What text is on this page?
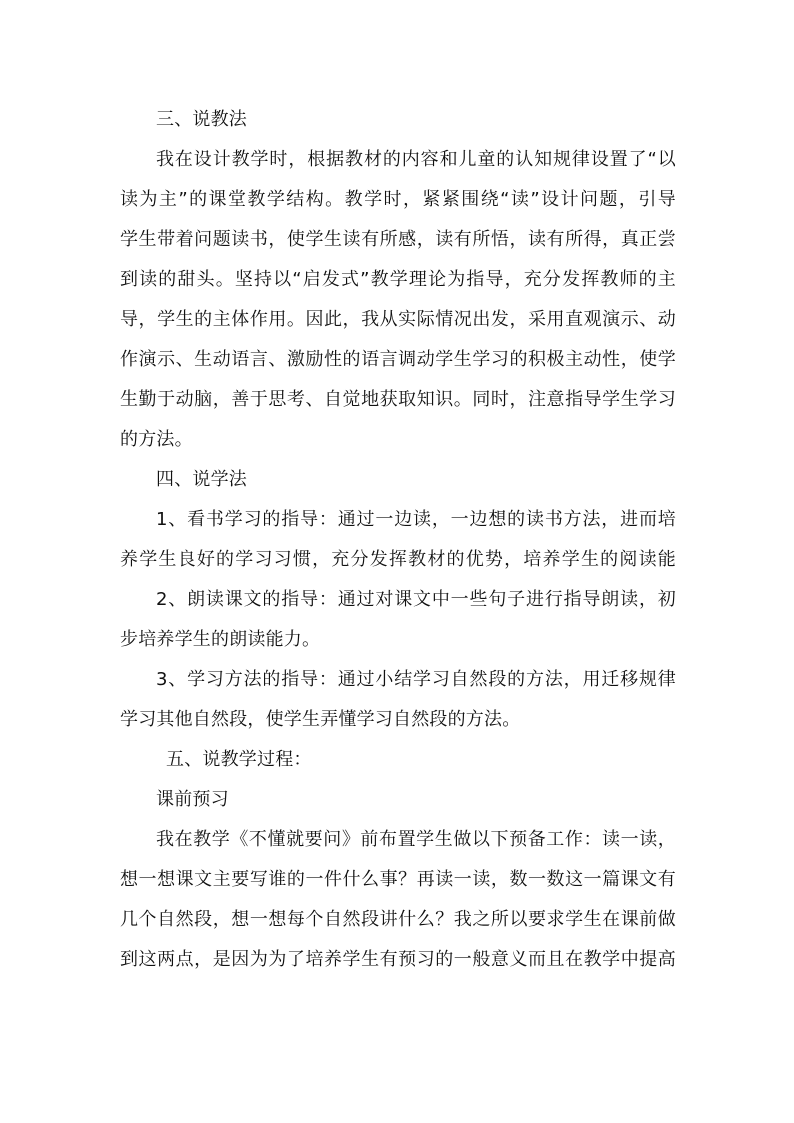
三、说教法
我在设计教学时，根据教材的内容和儿童的认知规律设置了“以
读为主”的课堂教学结构。教学时，紧紧围绕“读”设计问题，引导
学生带着问题读书，使学生读有所感，读有所悟，读有所得，真正尝
到读的甜头。坚持以“启发式”教学理论为指导，充分发挥教师的主
导，学生的主体作用。因此，我从实际情况出发，采用直观演示、动
作演示、生动语言、激励性的语言调动学生学习的积极主动性，使学
生勤于动脑，善于思考、自觉地获取知识。同时，注意指导学生学习
的方法。
四、说学法
1、看书学习的指导：通过一边读，一边想的读书方法，进而培
养学生良好的学习习惯，充分发挥教材的优势，培养学生的阅读能
2、朗读课文的指导：通过对课文中一些句子进行指导朗读，初
步培养学生的朗读能力。
3、学习方法的指导：通过小结学习自然段的方法，用迁移规律
学习其他自然段，使学生弄懂学习自然段的方法。
五、说教学过程：
课前预习
我在教学《不懂就要问》前布置学生做以下预备工作：读一读，
想一想课文主要写谁的一件什么事？再读一读，数一数这一篇课文有
几个自然段，想一想每个自然段讲什么？我之所以要求学生在课前做
到这两点，是因为为了培养学生有预习的一般意义而且在教学中提高
